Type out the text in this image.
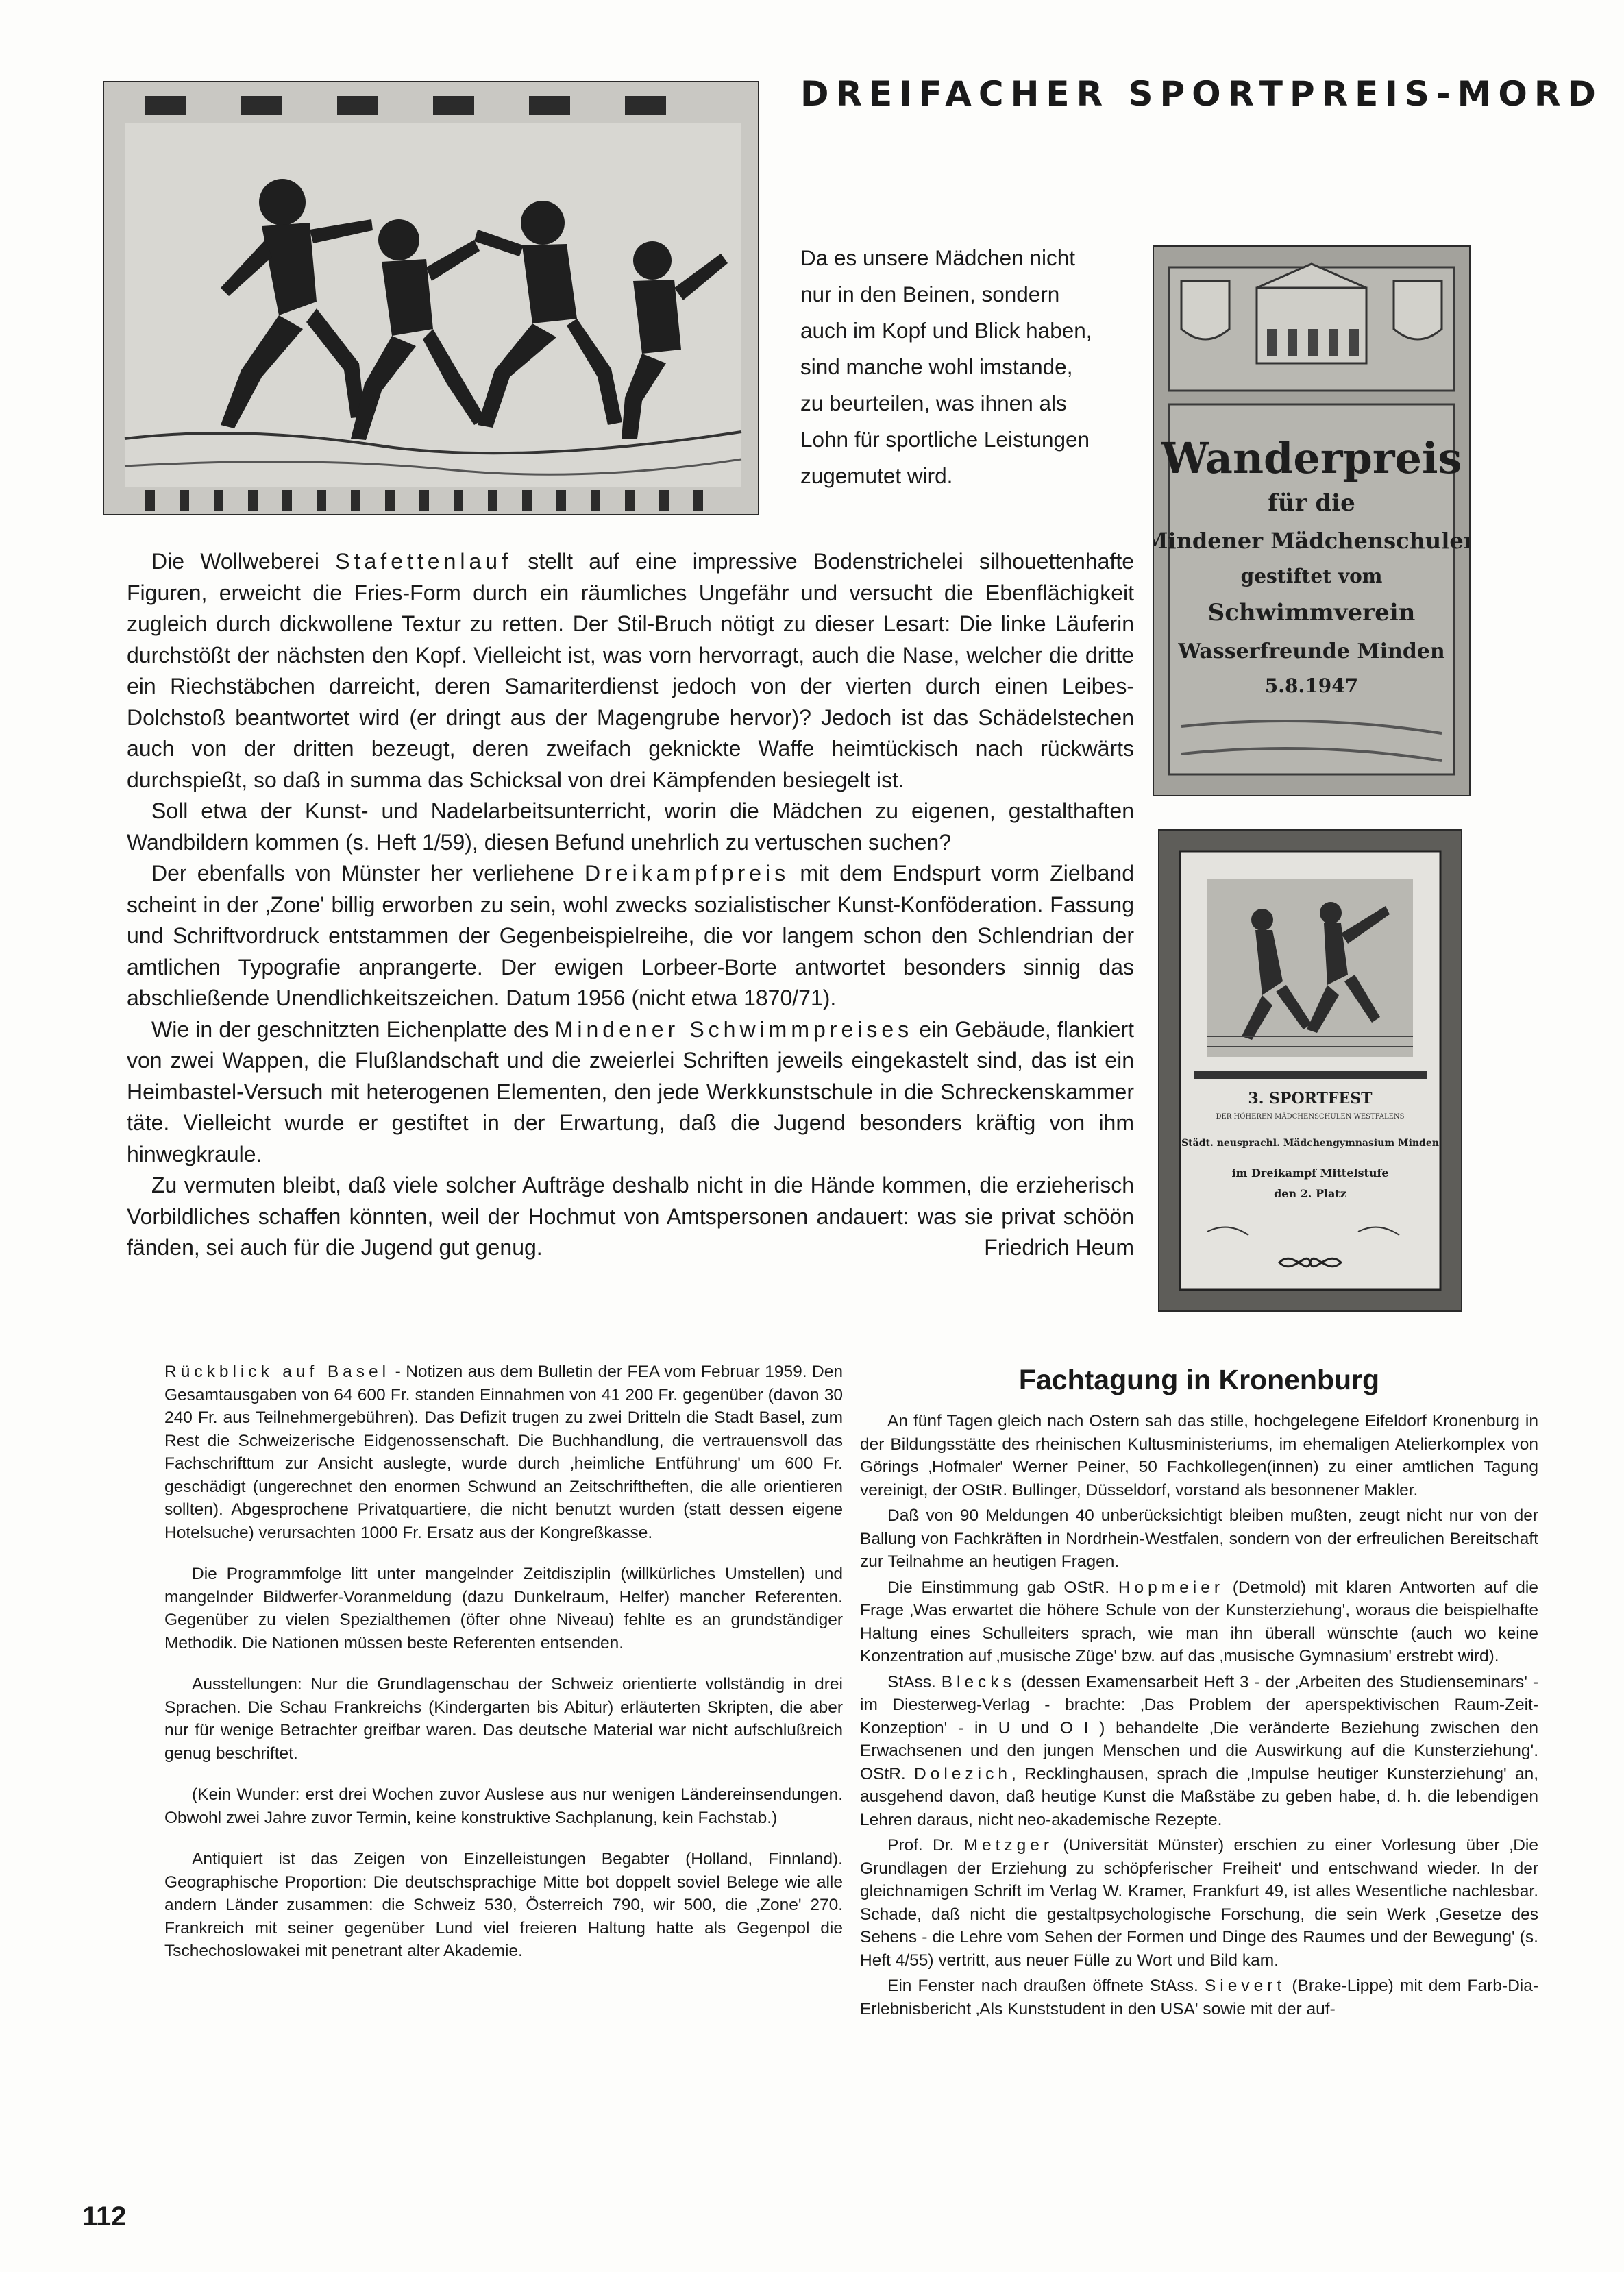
DREIFACHER SPORTPREIS-MORD

Da es unsere Mädchen nicht

nur in den Beinen, sondern

auch im Kopf und Blick haben,

sind manche wohl imstande,

zu beurteilen, was ihnen als

Lohn für sportliche Leistungen

zugemutet wird.	Wanderpreis
für die
Mindener Mädchenschulen
gestiftet vom
Schwimmverein
Wasserfreunde Minden
5.8.1947

Die Wollweberei Stafettenlauf stellt auf eine impressive Bodenstrichelei silhouettenhafte Figuren, erweicht die Fries-Form durch ein räumliches Ungefähr und versucht die Ebenflächigkeit zugleich durch dickwollene Textur zu retten. Der Stil-Bruch nötigt zu dieser Lesart: Die linke Läuferin durchstößt der nächsten den Kopf. Vielleicht ist, was vorn hervorragt, auch die Nase, welcher die dritte ein Riechstäbchen darreicht, deren Samariterdienst jedoch von der vierten durch einen Leibes-Dolchstoß beantwortet wird (er dringt aus der Magengrube hervor)? Jedoch ist das Schädelstechen auch von der dritten bezeugt, deren zweifach geknickte Waffe heimtückisch nach rückwärts durchspießt, so daß in summa das Schicksal von drei Kämpfenden besiegelt ist.

Soll etwa der Kunst- und Nadelarbeitsunterricht, worin die Mädchen zu eigenen, gestalthaften Wandbildern kommen (s. Heft 1/59), diesen Befund unehrlich zu vertuschen suchen?

Der ebenfalls von Münster her verliehene Dreikampfpreis mit dem Endspurt vorm Zielband scheint in der ‚Zone' billig erworben zu sein, wohl zwecks sozialistischer Kunst-Konföderation. Fassung und Schriftvordruck entstammen der Gegenbeispielreihe, die vor langem schon den Schlendrian der amtlichen Typografie anprangerte. Der ewigen Lorbeer-Borte antwortet besonders sinnig das abschließende Unendlichkeitszeichen. Datum 1956 (nicht etwa 1870/71).

Wie in der geschnitzten Eichenplatte des Mindener Schwimmpreises ein Gebäude, flankiert von zwei Wappen, die Flußlandschaft und die zweierlei Schriften jeweils eingekastelt sind, das ist ein Heimbastel-Versuch mit heterogenen Elementen, den jede Werkkunstschule in die Schreckenskammer täte. Vielleicht wurde er gestiftet in der Erwartung, daß die Jugend besonders kräftig von ihm hinwegkraule.

Zu vermuten bleibt, daß viele solcher Aufträge deshalb nicht in die Hände kommen, die erzieherisch Vorbildliches schaffen könnten, weil der Hochmut von Amtspersonen andauert: was sie privat schöön fänden, sei auch für die Jugend gut genug.	Friedrich Heum

3. SPORTFEST
DER HÖHEREN MÄDCHENSCHULEN WESTFALENS
Städt. neusprachl. Mädchengymnasium Minden
im Dreikampf Mittelstufe
den 2. Platz

Rückblick auf Basel - Notizen aus dem Bulletin der FEA vom Februar 1959. Den Gesamtausgaben von 64 600 Fr. standen Einnahmen von 41 200 Fr. gegenüber (davon 30 240 Fr. aus Teilnehmergebühren). Das Defizit trugen zu zwei Dritteln die Stadt Basel, zum Rest die Schweizerische Eidgenossenschaft. Die Buchhandlung, die vertrauensvoll das Fachschrifttum zur Ansicht auslegte, wurde durch ‚heimliche Entführung' um 600 Fr. geschädigt (ungerechnet den enormen Schwund an Zeitschriftheften, die alle orientieren sollten). Abgesprochene Privatquartiere, die nicht benutzt wurden (statt dessen eigene Hotelsuche) verursachten 1000 Fr. Ersatz aus der Kongreßkasse.

Die Programmfolge litt unter mangelnder Zeitdisziplin (willkürliches Umstellen) und mangelnder Bildwerfer-Voranmeldung (dazu Dunkelraum, Helfer) mancher Referenten. Gegenüber zu vielen Spezialthemen (öfter ohne Niveau) fehlte es an grundständiger Methodik. Die Nationen müssen beste Referenten entsenden.

Ausstellungen: Nur die Grundlagenschau der Schweiz orientierte vollständig in drei Sprachen. Die Schau Frankreichs (Kindergarten bis Abitur) erläuterten Skripten, die aber nur für wenige Betrachter greifbar waren. Das deutsche Material war nicht aufschlußreich genug beschriftet.

(Kein Wunder: erst drei Wochen zuvor Auslese aus nur wenigen Ländereinsendungen. Obwohl zwei Jahre zuvor Termin, keine konstruktive Sachplanung, kein Fachstab.)

Antiquiert ist das Zeigen von Einzelleistungen Begabter (Holland, Finnland). Geographische Proportion: Die deutschsprachige Mitte bot doppelt soviel Belege wie alle andern Länder zusammen: die Schweiz 530, Österreich 790, wir 500, die ‚Zone' 270. Frankreich mit seiner gegenüber Lund viel freieren Haltung hatte als Gegenpol die Tschechoslowakei mit penetrant alter Akademie.

Fachtagung in Kronenburg

An fünf Tagen gleich nach Ostern sah das stille, hochgelegene Eifeldorf Kronenburg in der Bildungsstätte des rheinischen Kultusministeriums, im ehemaligen Atelierkomplex von Görings ‚Hofmaler' Werner Peiner, 50 Fachkollegen(innen) zu einer amtlichen Tagung vereinigt, der OStR. Bullinger, Düsseldorf, vorstand als besonnener Makler.

Daß von 90 Meldungen 40 unberücksichtigt bleiben mußten, zeugt nicht nur von der Ballung von Fachkräften in Nordrhein-Westfalen, sondern von der erfreulichen Bereitschaft zur Teilnahme an heutigen Fragen.

Die Einstimmung gab OStR. Hopmeier (Detmold) mit klaren Antworten auf die Frage ‚Was erwartet die höhere Schule von der Kunsterziehung', woraus die beispielhafte Haltung eines Schulleiters sprach, wie man ihn überall wünschte (auch wo keine Konzentration auf ‚musische Züge' bzw. auf das ‚musische Gymnasium' erstrebt wird).

StAss. Blecks (dessen Examensarbeit Heft 3 - der ‚Arbeiten des Studienseminars' - im Diesterweg-Verlag - brachte: ‚Das Problem der aperspektivischen Raum-Zeit-Konzeption' - in U und O I ) behandelte ‚Die veränderte Beziehung zwischen den Erwachsenen und den jungen Menschen und die Auswirkung auf die Kunsterziehung'. OStR. Dolezich, Recklinghausen, sprach die ‚Impulse heutiger Kunsterziehung' an, ausgehend davon, daß heutige Kunst die Maßstäbe zu geben habe, d. h. die lebendigen Lehren daraus, nicht neo-akademische Rezepte.

Prof. Dr. Metzger (Universität Münster) erschien zu einer Vorlesung über ‚Die Grundlagen der Erziehung zu schöpferischer Freiheit' und entschwand wieder. In der gleichnamigen Schrift im Verlag W. Kramer, Frankfurt 49, ist alles Wesentliche nachlesbar. Schade, daß nicht die gestaltpsychologische Forschung, die sein Werk ‚Gesetze des Sehens - die Lehre vom Sehen der Formen und Dinge des Raumes und der Bewegung' (s. Heft 4/55) vertritt, aus neuer Fülle zu Wort und Bild kam.

Ein Fenster nach draußen öffnete StAss. Sievert (Brake-Lippe) mit dem Farb-Dia-Erlebnisbericht ‚Als Kunststudent in den USA' sowie mit der auf-

112
